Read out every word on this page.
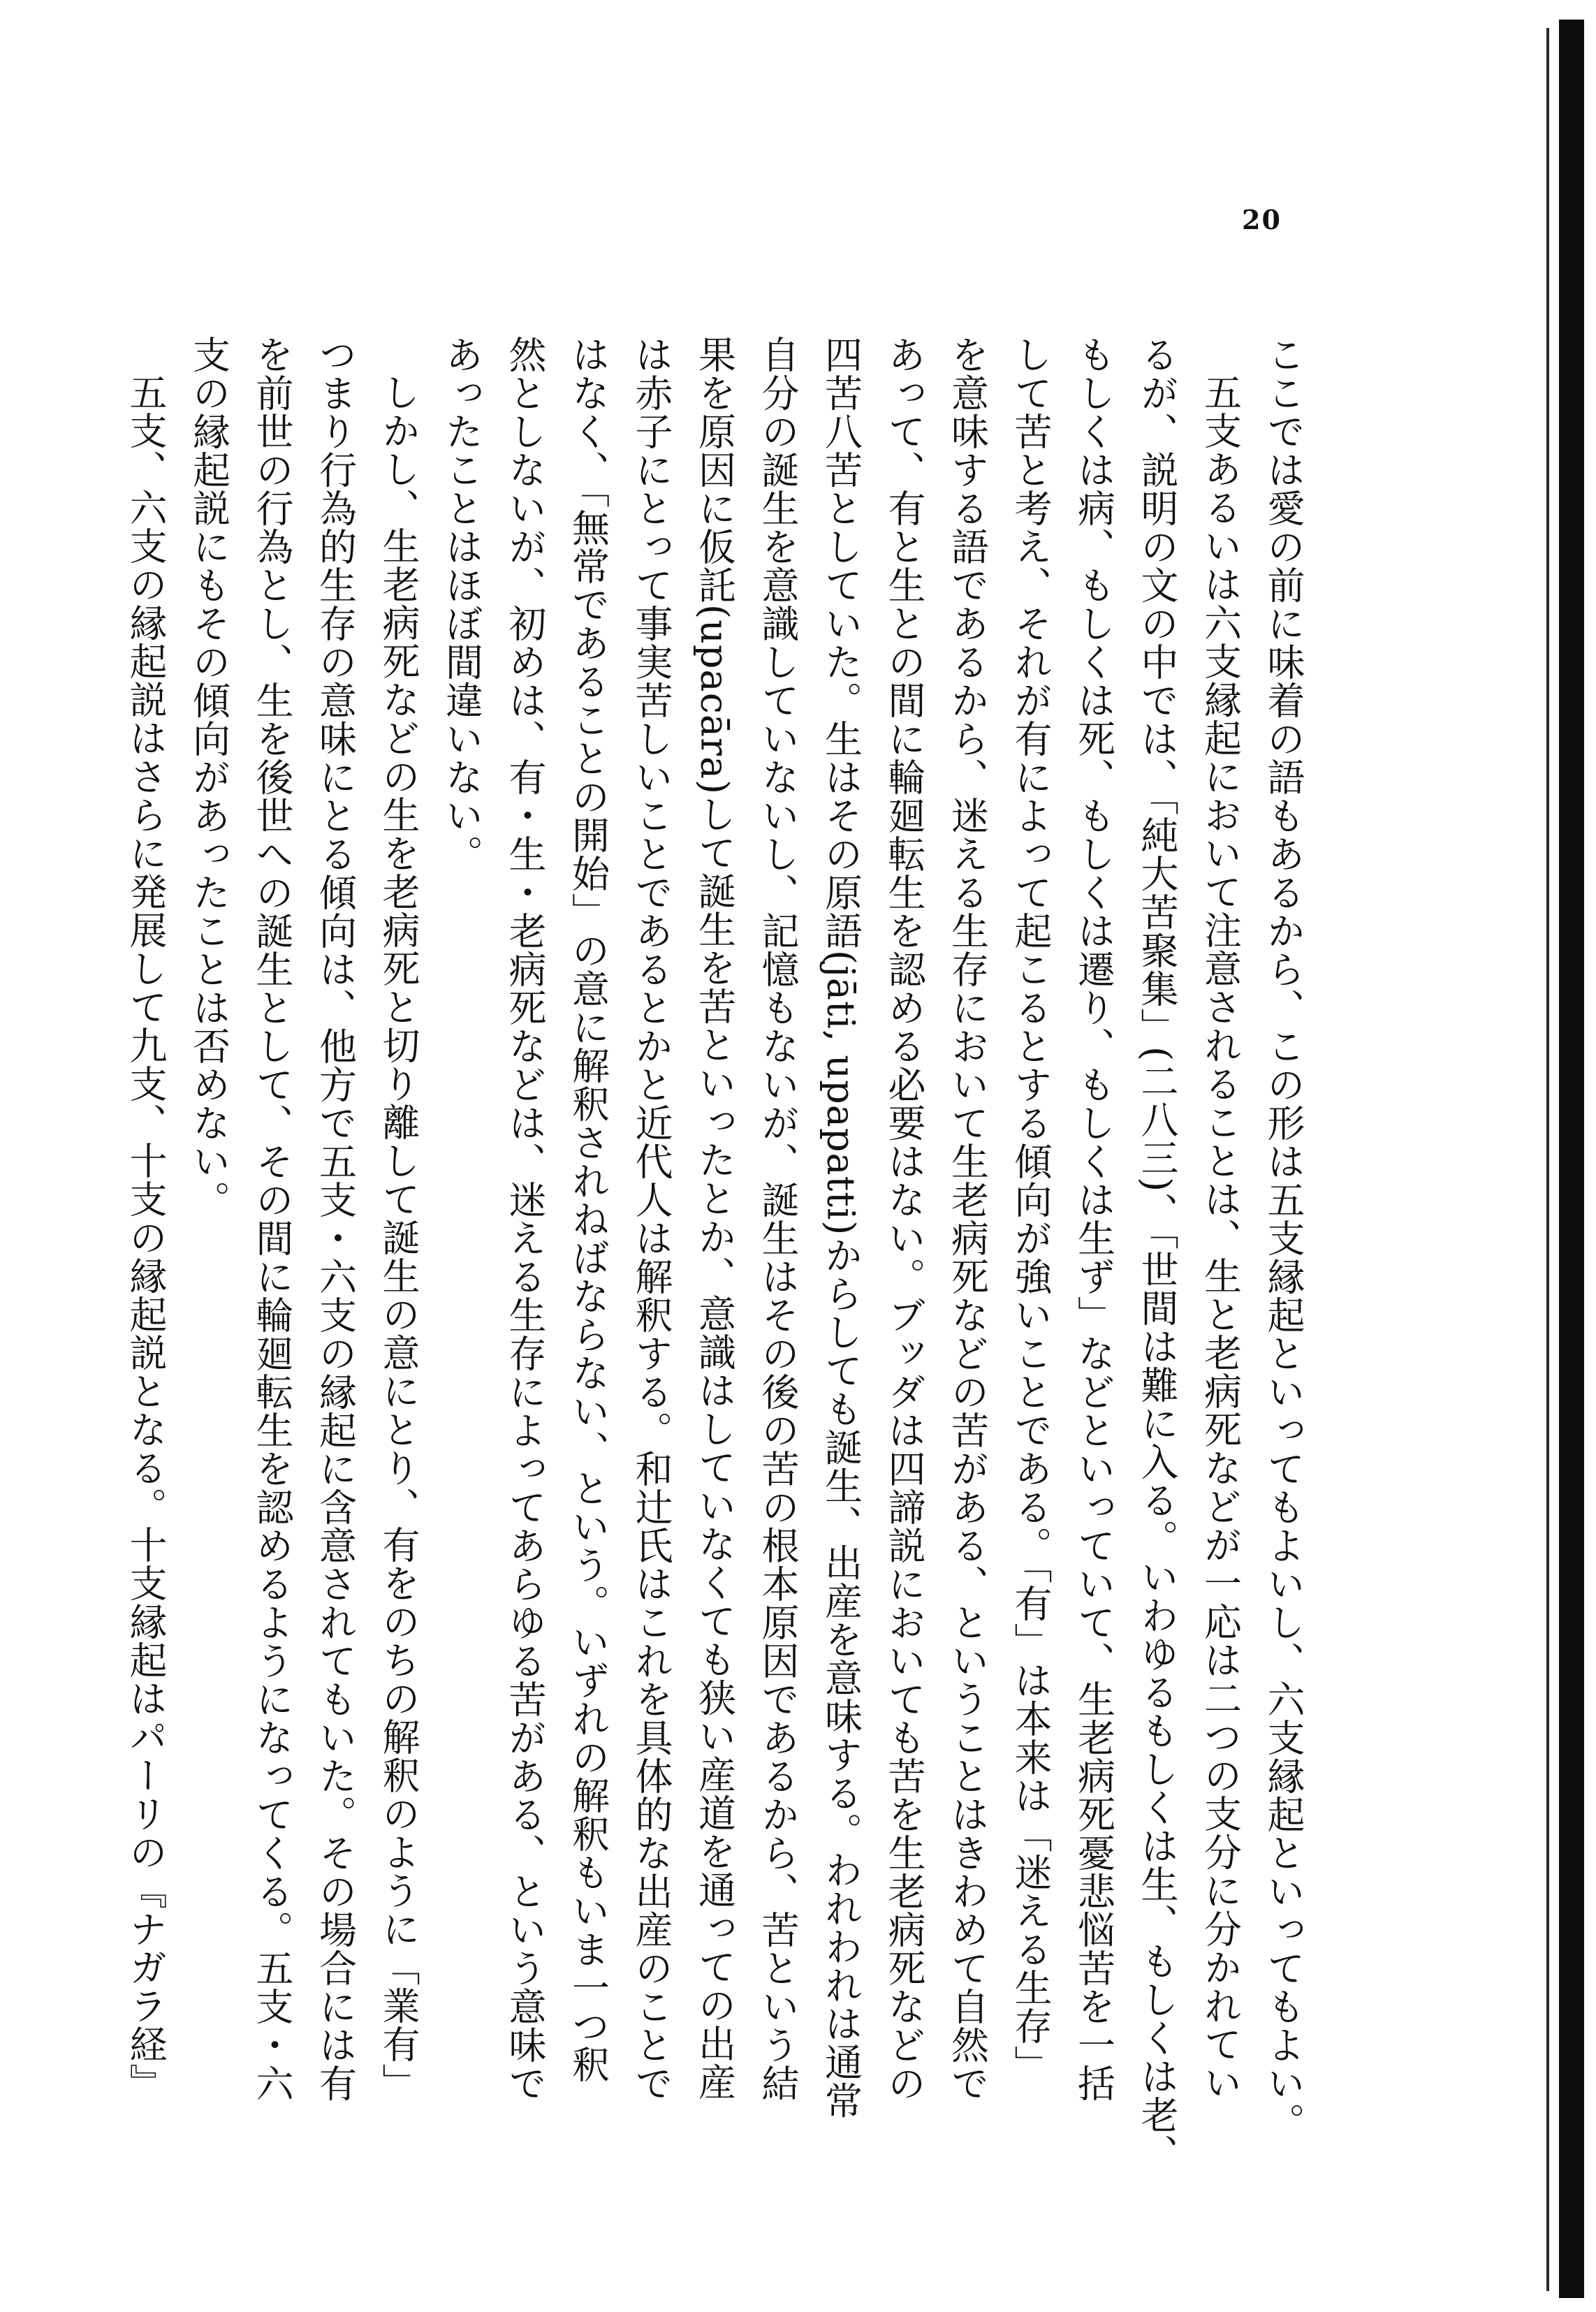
20
ここでは愛の前に味着の語もあるから、この形は五支縁起といってもよいし、六支縁起といってもよい。
五支あるいは六支縁起において注意されることは、生と老病死などが一応は二つの支分に分かれてい
るが、説明の文の中では、「純大苦聚集」(二八三)、「世間は難に入る。いわゆるもしくは生、もしくは老、
もしくは病、もしくは死、もしくは遷り、もしくは生ず」などといっていて、生老病死憂悲悩苦を一括
して苦と考え、それが有によって起こるとする傾向が強いことである。「有」は本来は「迷える生存」
を意味する語であるから、迷える生存において生老病死などの苦がある、ということはきわめて自然で
あって、有と生との間に輪廻転生を認める必要はない。ブッダは四諦説においても苦を生老病死などの
四苦八苦としていた。生はその原語(jāti, upapatti)からしても誕生、出産を意味する。われわれは通常
自分の誕生を意識していないし、記憶もないが、誕生はその後の苦の根本原因であるから、苦という結
果を原因に仮託(upacāra)して誕生を苦といったとか、意識はしていなくても狭い産道を通っての出産
は赤子にとって事実苦しいことであるとかと近代人は解釈する。和辻氏はこれを具体的な出産のことで
はなく、「無常であることの開始」の意に解釈されねばならない、という。いずれの解釈もいま一つ釈
然としないが、初めは、有・生・老病死などは、迷える生存によってあらゆる苦がある、という意味で
あったことはほぼ間違いない。
しかし、生老病死などの生を老病死と切り離して誕生の意にとり、有をのちの解釈のように「業有」
つまり行為的生存の意味にとる傾向は、他方で五支・六支の縁起に含意されてもいた。その場合には有
を前世の行為とし、生を後世への誕生として、その間に輪廻転生を認めるようになってくる。五支・六
支の縁起説にもその傾向があったことは否めない。
五支、六支の縁起説はさらに発展して九支、十支の縁起説となる。十支縁起はパーリの『ナガラ経』
